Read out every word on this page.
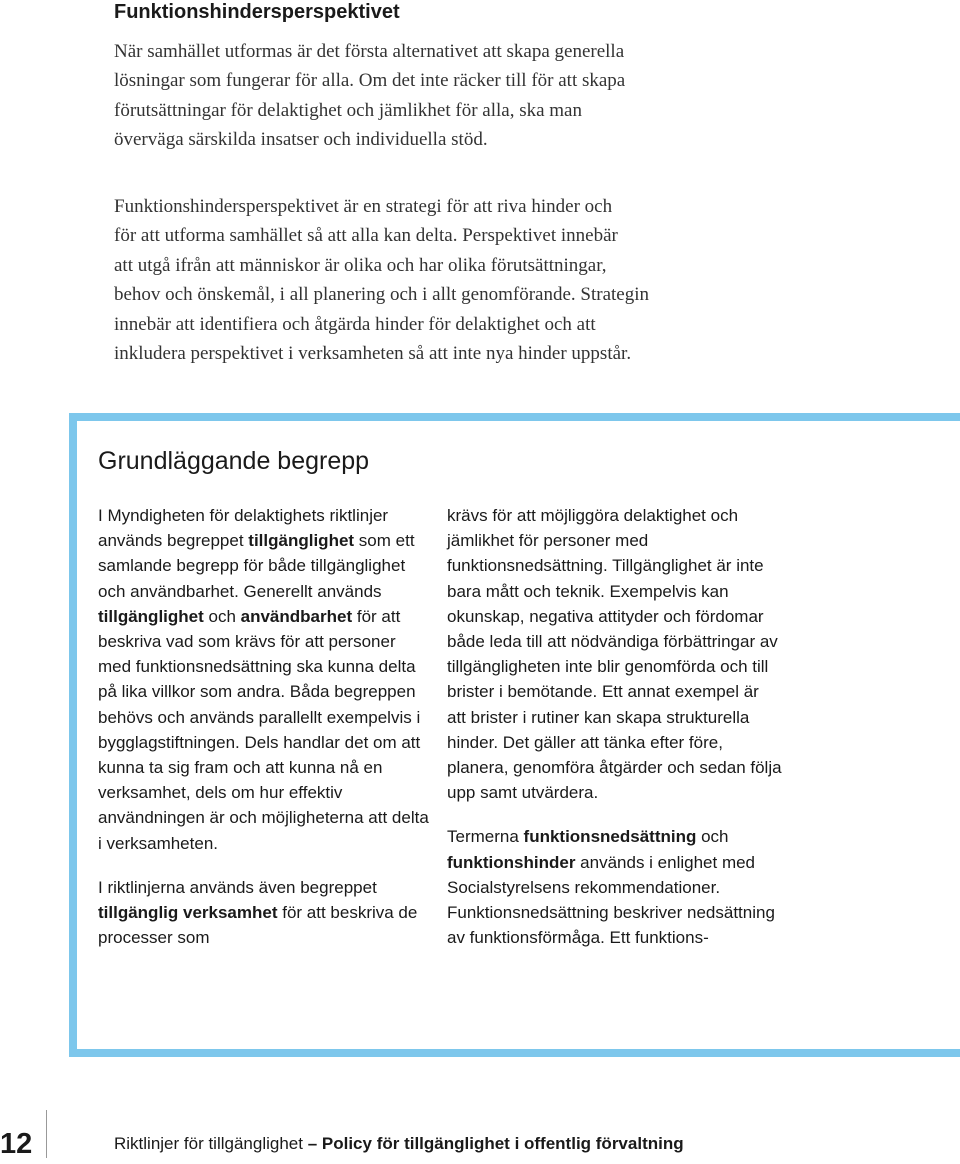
Funktionshindersperspektivet
När samhället utformas är det första alternativet att skapa generella
lösningar som fungerar för alla. Om det inte räcker till för att skapa
förutsättningar för delaktighet och jämlikhet för alla, ska man
överväga särskilda insatser och individuella stöd.
Funktionshindersperspektivet är en strategi för att riva hinder och
för att utforma samhället så att alla kan delta. Perspektivet innebär
att utgå ifrån att människor är olika och har olika förutsättningar,
behov och önskemål, i all planering och i allt genomförande. Strategin
innebär att identifiera och åtgärda hinder för delaktighet och att
inkludera perspektivet i verksamheten så att inte nya hinder uppstår.
Grundläggande begrepp

I Myndigheten för delaktighets riktlinjer används begreppet tillgänglighet som ett samlande begrepp för både tillgänglighet och användbarhet. Generellt används tillgänglighet och användbarhet för att beskriva vad som krävs för att personer med funktionsnedsättning ska kunna delta på lika villkor som andra. Båda begreppen behövs och används parallellt exempelvis i bygglagstiftningen. Dels handlar det om att kunna ta sig fram och att kunna nå en verksamhet, dels om hur effektiv användningen är och möjligheterna att delta i verksamheten.

I riktlinjerna används även begreppet tillgänglig verksamhet för att beskriva de processer som

krävs för att möjliggöra delaktighet och jämlikhet för personer med funktionsnedsättning. Tillgänglighet är inte bara mått och teknik. Exempelvis kan okunskap, negativa attityder och fördomar både leda till att nödvändiga förbättringar av tillgängligheten inte blir genomförda och till brister i bemötande. Ett annat exempel är att brister i rutiner kan skapa strukturella hinder. Det gäller att tänka efter före, planera, genomföra åtgärder och sedan följa upp samt utvärdera.

Termerna funktionsnedsättning och funktionshinder används i enlighet med Socialstyrelsens rekommendationer. Funktionsnedsättning beskriver nedsättning av funktionsförmåga. Ett funktions-

12	Riktlinjer för tillgänglighet – Policy för tillgänglighet i offentlig förvaltning
